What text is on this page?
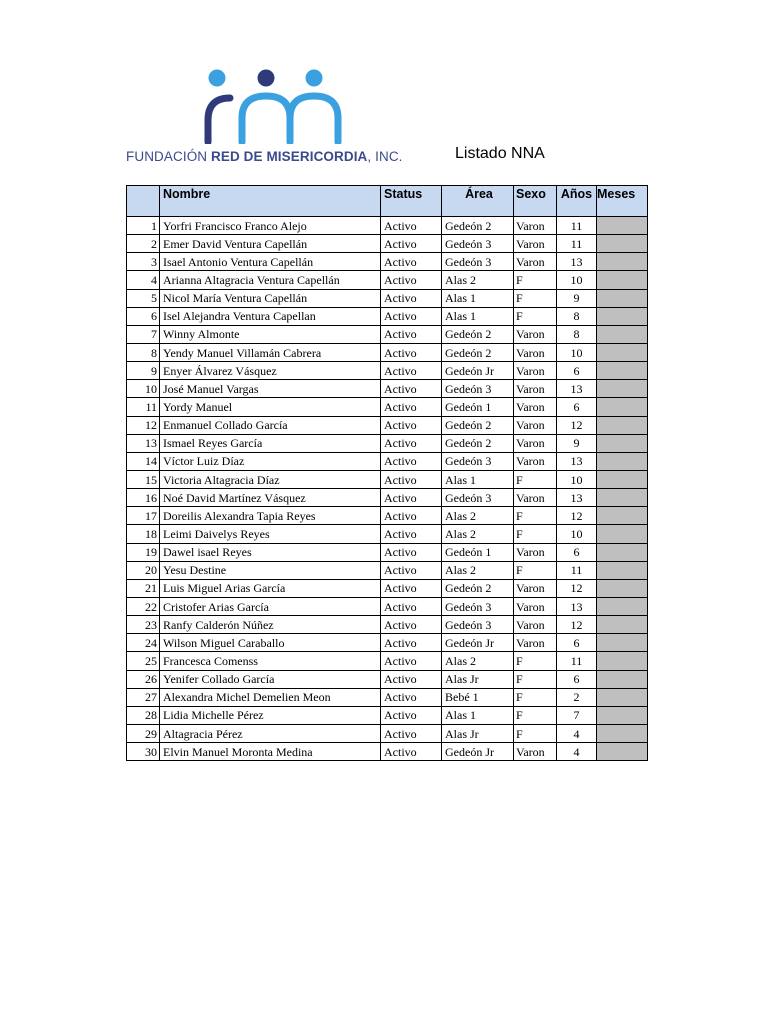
FUNDACIÓN RED DE MISERICORDIA, INC.	Listado NNA
	Nombre	Status	Área	Sexo	Años	Meses
1	Yorfri Francisco Franco Alejo	Activo	Gedeón 2	Varon	11	
2	Emer David Ventura Capellán	Activo	Gedeón 3	Varon	11	
3	Isael Antonio Ventura Capellán	Activo	Gedeón 3	Varon	13	
4	Arianna Altagracia Ventura Capellán	Activo	Alas 2	F	10	
5	Nicol María Ventura Capellán	Activo	Alas 1	F	9	
6	Isel Alejandra Ventura Capellan	Activo	Alas 1	F	8	
7	Winny Almonte	Activo	Gedeón 2	Varon	8	
8	Yendy Manuel Villamán Cabrera	Activo	Gedeón 2	Varon	10	
9	Enyer Álvarez Vásquez	Activo	Gedeón Jr	Varon	6	
10	José Manuel Vargas	Activo	Gedeón 3	Varon	13	
11	Yordy Manuel	Activo	Gedeón 1	Varon	6	
12	Enmanuel Collado García	Activo	Gedeón 2	Varon	12	
13	Ismael Reyes García	Activo	Gedeón 2	Varon	9	
14	Víctor Luiz Díaz	Activo	Gedeón 3	Varon	13	
15	Victoria Altagracia Díaz	Activo	Alas 1	F	10	
16	Noé David Martínez Vásquez	Activo	Gedeón 3	Varon	13	
17	Doreilis Alexandra Tapia Reyes	Activo	Alas 2	F	12	
18	Leimi Daivelys Reyes	Activo	Alas 2	F	10	
19	Dawel isael Reyes	Activo	Gedeón 1	Varon	6	
20	Yesu Destine	Activo	Alas 2	F	11	
21	Luis Miguel Arias García	Activo	Gedeón 2	Varon	12	
22	Cristofer Arias García	Activo	Gedeón 3	Varon	13	
23	Ranfy Calderón Núñez	Activo	Gedeón 3	Varon	12	
24	Wilson Miguel Caraballo	Activo	Gedeón Jr	Varon	6	
25	Francesca Comenss	Activo	Alas 2	F	11	
26	Yenifer Collado García	Activo	Alas Jr	F	6	
27	Alexandra Michel Demelien Meon	Activo	Bebé 1	F	2	
28	Lidia Michelle Pérez	Activo	Alas 1	F	7	
29	Altagracia Pérez	Activo	Alas Jr	F	4	
30	Elvin Manuel Moronta Medina	Activo	Gedeón Jr	Varon	4	
